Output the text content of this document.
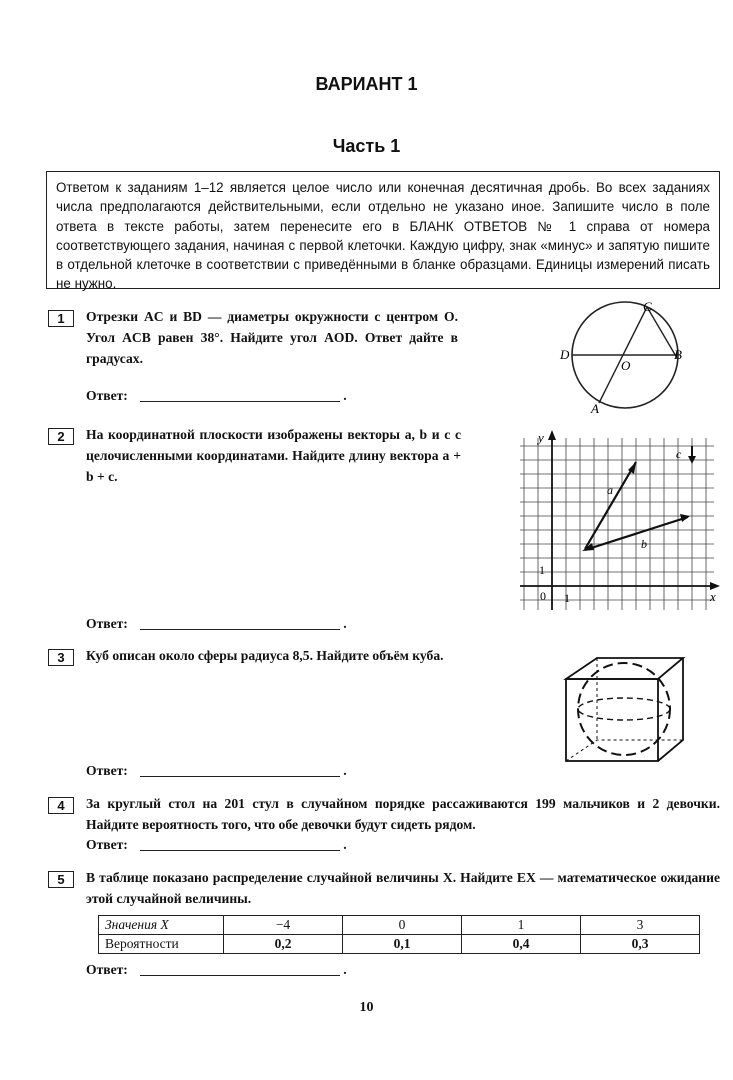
ВАРИАНТ 1
Часть 1
Ответом к заданиям 1–12 является целое число или конечная десятичная дробь. Во всех заданиях числа предполагаются действительными, если отдельно не указано иное. Запишите число в поле ответа в тексте работы, затем перенесите его в БЛАНК ОТВЕТОВ № 1 справа от номера соответствующего задания, начиная с первой клеточки. Каждую цифру, знак «минус» и запятую пишите в отдельной клеточке в соответствии с приведёнными в бланке образцами. Единицы измерений писать не нужно.
1	Отрезки AC и BD — диаметры окружности с центром O. Угол ACB равен 38°. Найдите угол AOD. Ответ дайте в градусах.
Ответ:	.
C
D	B
O
A
2	На координатной плоскости изображены векторы a, b и c с целочисленными координатами. Найдите длину вектора a + b + c.
Ответ:	.
y
x
0 1
1
a
b
c
3	Куб описан около сферы радиуса 8,5. Найдите объём куба.
Ответ:	.
4	За круглый стол на 201 стул в случайном порядке рассаживаются 199 мальчиков и 2 девочки. Найдите вероятность того, что обе девочки будут сидеть рядом.
Ответ:	.
5	В таблице показано распределение случайной величины X. Найдите EX — математическое ожидание этой случайной величины.
Значения X	−4	0	1	3
Вероятности	0,2	0,1	0,4	0,3
Ответ:	.
10
